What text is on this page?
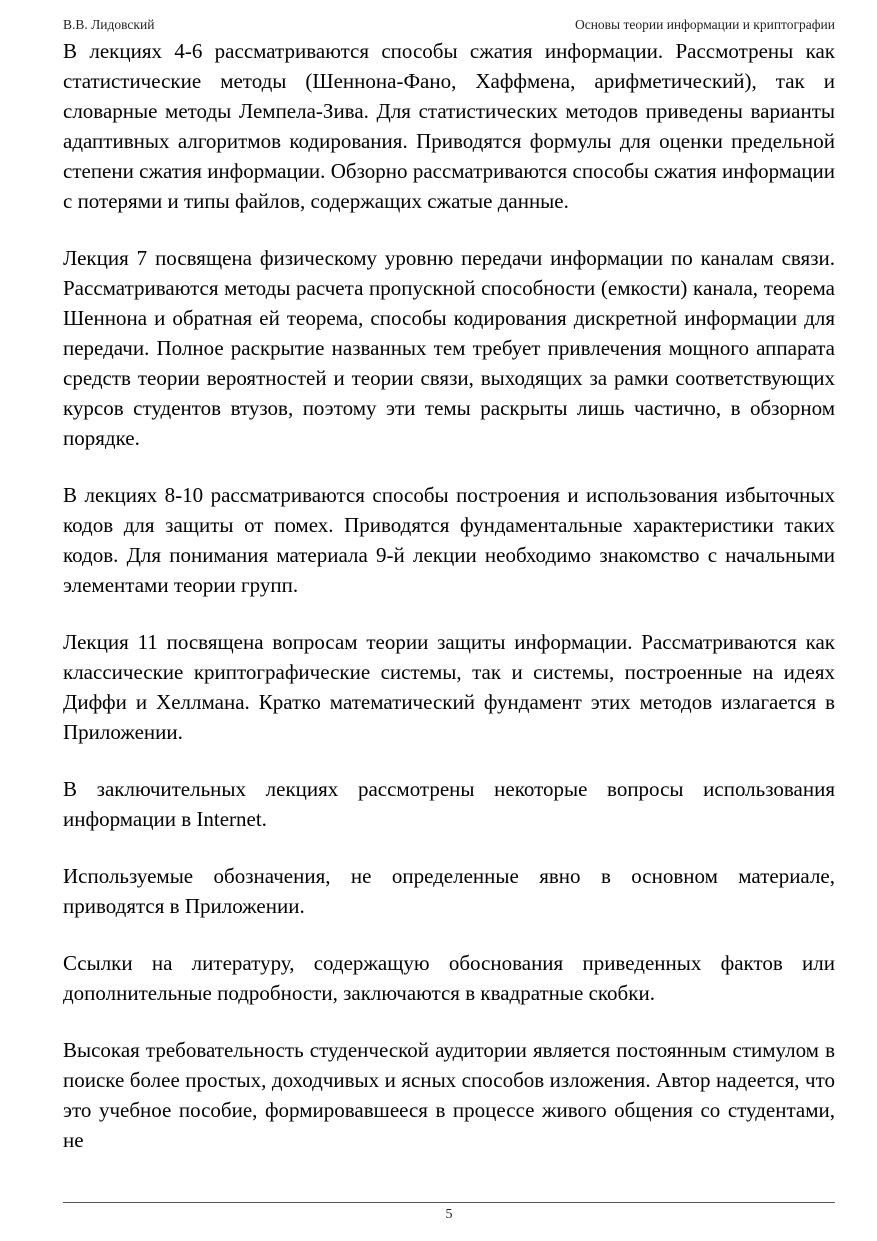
В.В. Лидовский	Основы теории информации и криптографии

В лекциях 4-6 рассматриваются способы сжатия информации. Рассмотрены как статистические методы (Шеннона-Фано, Хаффмена, арифметический), так и словарные методы Лемпела-Зива. Для статистических методов приведены варианты адаптивных алгоритмов кодирования. Приводятся формулы для оценки предельной степени сжатия информации. Обзорно рассматриваются способы сжатия информации с потерями и типы файлов, содержащих сжатые данные.

Лекция 7 посвящена физическому уровню передачи информации по каналам связи. Рассматриваются методы расчета пропускной способности (емкости) канала, теорема Шеннона и обратная ей теорема, способы кодирования дискретной информации для передачи. Полное раскрытие названных тем требует привлечения мощного аппарата средств теории вероятностей и теории связи, выходящих за рамки соответствующих курсов студентов втузов, поэтому эти темы раскрыты лишь частично, в обзорном порядке.

В лекциях 8-10 рассматриваются способы построения и использования избыточных кодов для защиты от помех. Приводятся фундаментальные характеристики таких кодов. Для понимания материала 9-й лекции необходимо знакомство с начальными элементами теории групп.

Лекция 11 посвящена вопросам теории защиты информации. Рассматриваются как классические криптографические системы, так и системы, построенные на идеях Диффи и Хеллмана. Кратко математический фундамент этих методов излагается в Приложении.

В заключительных лекциях рассмотрены некоторые вопросы использования информации в Internet.

Используемые обозначения, не определенные явно в основном материале, приводятся в Приложении.

Ссылки на литературу, содержащую обоснования приведенных фактов или дополнительные подробности, заключаются в квадратные скобки.

Высокая требовательность студенческой аудитории является постоянным стимулом в поиске более простых, доходчивых и ясных способов изложения. Автор надеется, что это учебное пособие, формировавшееся в процессе живого общения со студентами, не

5
